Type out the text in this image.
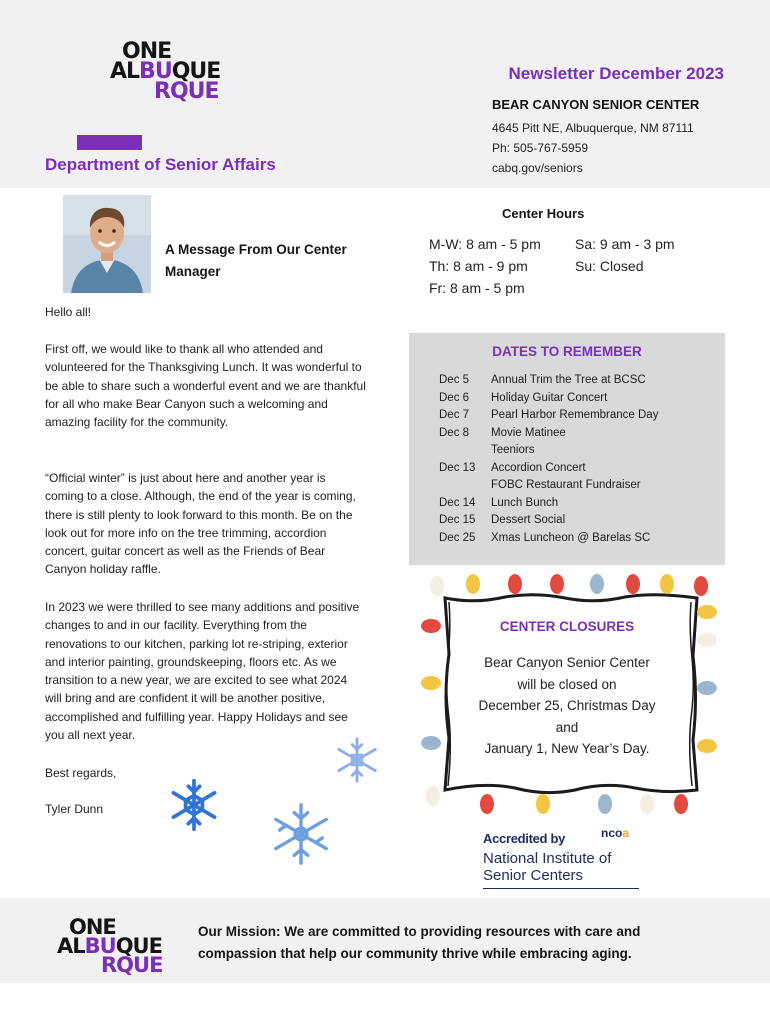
ONE
ALBUQUE
RQUE
Department of Senior Affairs
Newsletter December 2023
BEAR CANYON SENIOR CENTER
4645 Pitt NE, Albuquerque, NM 87111
Ph: 505-767-5959
cabq.gov/seniors
A Message From Our Center Manager
Hello all!
First off, we would like to thank all who attended and volunteered for the Thanksgiving Lunch. It was wonderful to be able to share such a wonderful event and we are thankful for all who make Bear Canyon such a welcoming and amazing facility for the community.
“Official winter” is just about here and another year is coming to a close. Although, the end of the year is coming, there is still plenty to look forward to this month. Be on the look out for more info on the tree trimming, accordion concert, guitar concert as well as the Friends of Bear Canyon holiday raffle.
In 2023 we were thrilled to see many additions and positive changes to and in our facility. Everything from the renovations to our kitchen, parking lot re-striping, exterior and interior painting, groundskeeping, floors etc. As we transition to a new year, we are excited to see what 2024 will bring and are confident it will be another positive, accomplished and fulfilling year. Happy Holidays and see you all next year.
Best regards,
Tyler Dunn
Center Hours
M-W: 8 am - 5 pm
Th: 8 am - 9 pm
Fr: 8 am - 5 pm
Sa: 9 am - 3 pm
Su: Closed
DATES TO REMEMBER
Dec 5	Annual Trim the Tree at BCSC
Dec 6	Holiday Guitar Concert
Dec 7	Pearl Harbor Remembrance Day
Dec 8	Movie Matinee
Teeniors
Dec 13	Accordion Concert
FOBC Restaurant Fundraiser
Dec 14	Lunch Bunch
Dec 15	Dessert Social
Dec 25	Xmas Luncheon @ Barelas SC
CENTER CLOSURES
Bear Canyon Senior Center
will be closed on
December 25, Christmas Day
and
January 1, New Year’s Day.
Accredited by	ncoa
National Institute of
Senior Centers
ONE
ALBUQUE
RQUE
Our Mission: We are committed to providing resources with care and compassion that help our community thrive while embracing aging.
